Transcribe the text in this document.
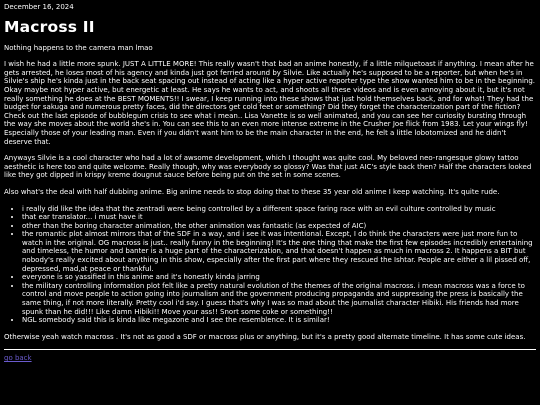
December 16, 2024
Macross II

Nothing happens to the camera man lmao

I wish he had a little more spunk. JUST A LITTLE MORE! This really wasn't that bad an anime honestly, if a little milquetoast if anything. I mean after he gets arrested, he loses most of his agency and kinda just got ferried around by Silvie. Like actually he's supposed to be a reporter, but when he's in Silvie's ship he's kinda just in the back seat spacing out instead of acting like a hyper active reporter type the show wanted him to be in the beginning. Okay maybe not hyper active, but energetic at least. He says he wants to act, and shoots all these videos and is even annoying about it, but it's not really something he does at the BEST MOMENTS!! I swear, I keep running into these shows that just hold themselves back, and for what! They had the budget for sakuga and numerous pretty faces, did the directors get cold feet or something? Did they forget the characterization part of the fiction? Check out the last episode of bubblegum crisis to see what i mean.. Lisa Vanette is so well animated, and you can see her curiosity bursting through the way she moves about the world she's in. You can see this to an even more intense extreme in the Crusher Joe flick from 1983. Let your wings fly! Especially those of your leading man. Even if you didn't want him to be the main character in the end, he felt a little lobotomized and he didn't deserve that.

Anyways Silvie is a cool character who had a lot of awsome development, which I thought was quite cool. My beloved neo-rangesque glowy tattoo aesthetic is here too and quite welcome. Really though, why was everybody so glossy? Was that just AIC's style back then? Half the characters looked like they got dipped in krispy kreme dougnut sauce before being put on the set in some scenes.

Also what's the deal with half dubbing anime. Big anime needs to stop doing that to these 35 year old anime I keep watching. It's quite rude.

• i really did like the idea that the zentradi were being controlled by a different space faring race with an evil culture controlled by music
• that ear translator... i must have it
• other than the boring character animation, the other animation was fantastic (as expected of AIC)
• the romantic plot almost mirrors that of the SDF in a way, and i see it was intentional. Except, I do think the characters were just more fun to watch in the original. OG macross is just.. really funny in the beginning! It's the one thing that make the first few episodes incredibly entertaining and timeless, the humor and banter is a huge part of the characterization, and that doesn't happen as much in macross 2. It happens a BIT but nobody's really excited about anything in this show, especially after the first part where they rescued the Ishtar. People are either a lil pissed off, depressed, mad,at peace or thankful.
• everyone is so yassified in this anime and it's honestly kinda jarring
• the military controlling information plot felt like a pretty natural evolution of the themes of the original macross. i mean macross was a force to control and move people to action going into journalism and the government producing propaganda and suppressing the press is basically the same thing, if not more literally. Pretty cool i'd say. I guess that's why I was so mad about the journalist character Hibiki. His friends had more spunk than he did!!! Like damn Hibiki!! Move your ass!! Snort some coke or something!!
• NGL somebody said this is kinda like megazone and I see the resemblence. It is similar!

Otherwise yeah watch macross . It's not as good a SDF or macross plus or anything, but it's a pretty good alternate timeline. It has some cute ideas.

go back
